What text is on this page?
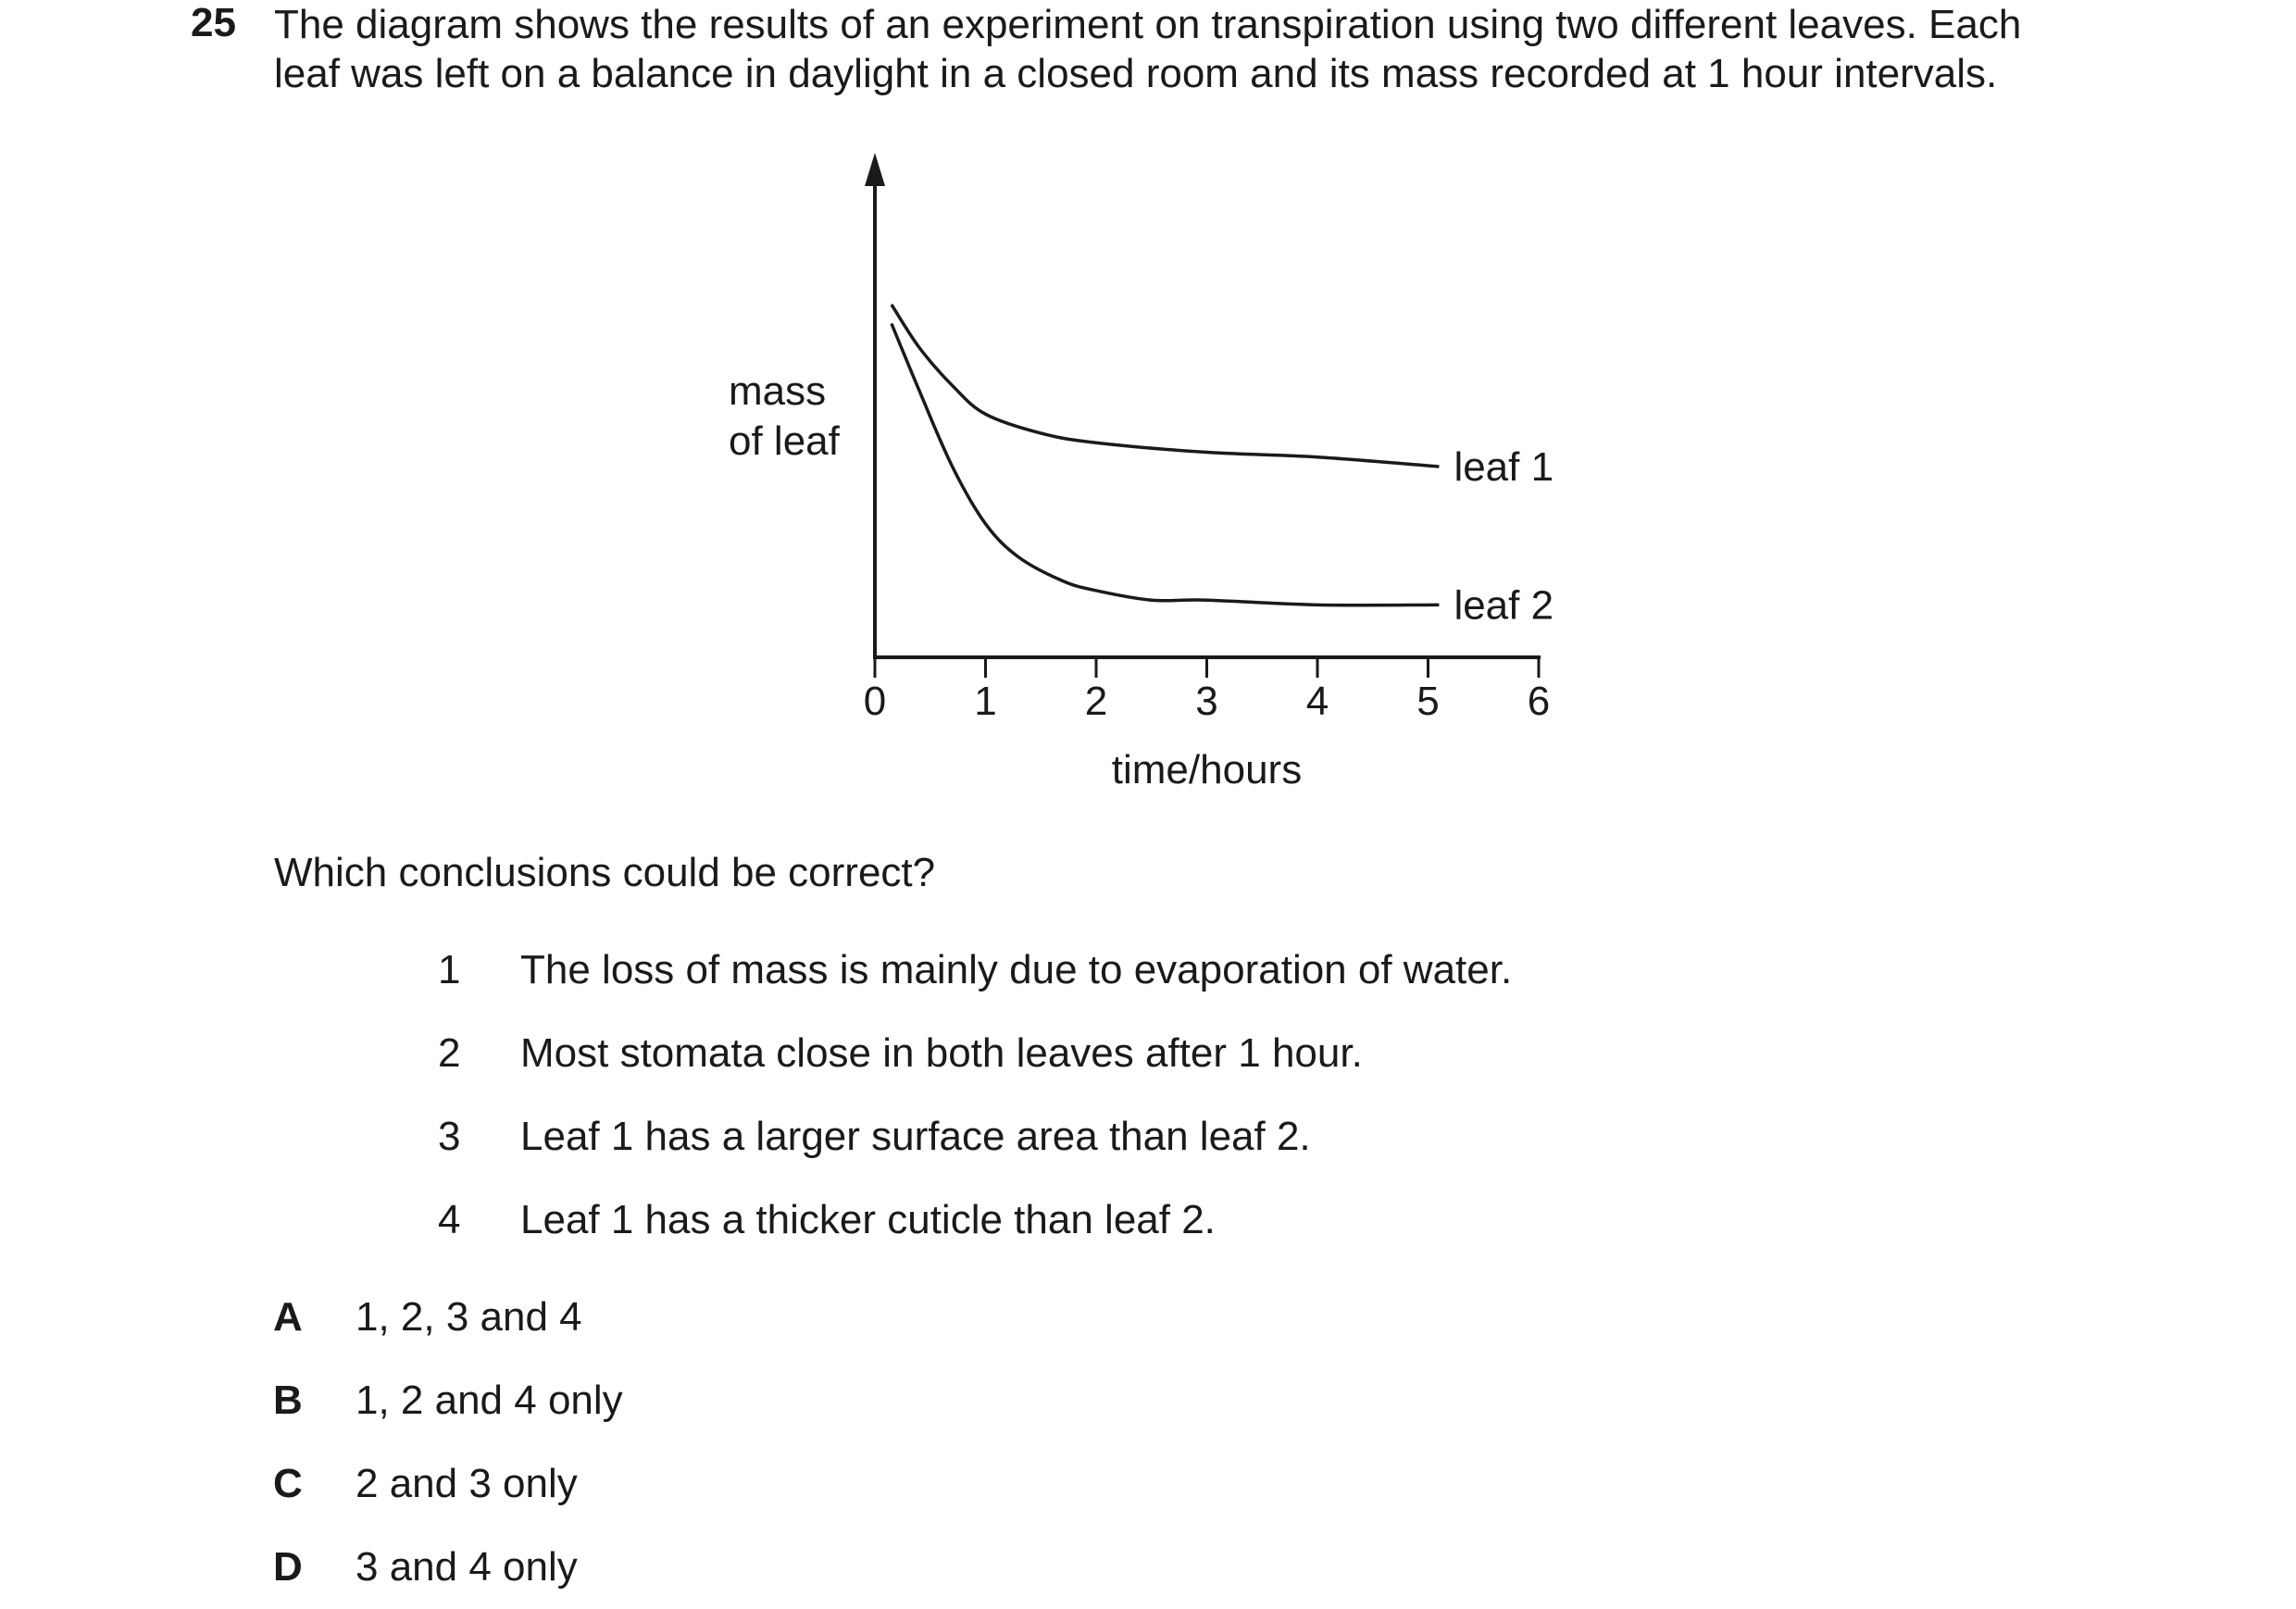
25 The diagram shows the results of an experiment on transpiration using two different leaves. Each
leaf was left on a balance in daylight in a closed room and its mass recorded at 1 hour intervals.
0 1 2 3 4 5 6
time/hours
mass
of leaf
leaf 1
leaf 2
Which conclusions could be correct?
1 The loss of mass is mainly due to evaporation of water.
2 Most stomata close in both leaves after 1 hour.
3 Leaf 1 has a larger surface area than leaf 2.
4 Leaf 1 has a thicker cuticle than leaf 2.
A 1, 2, 3 and 4
B 1, 2 and 4 only
C 2 and 3 only
D 3 and 4 only
